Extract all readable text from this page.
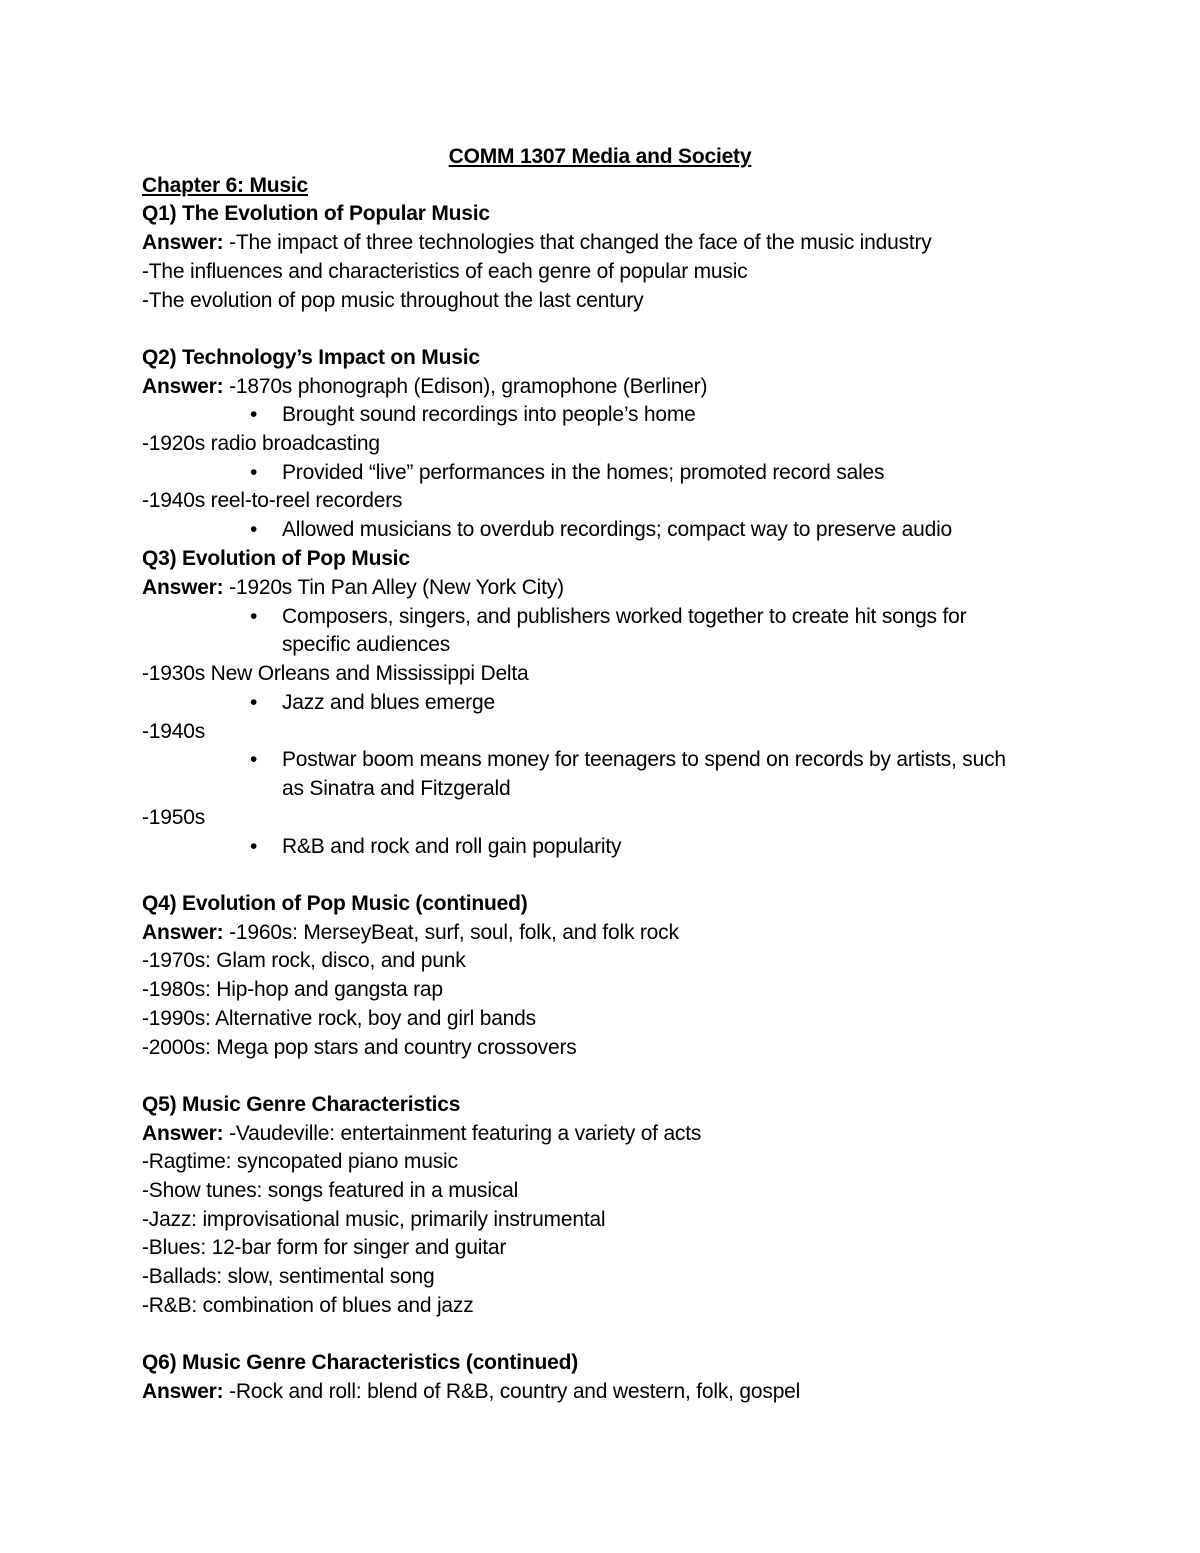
COMM 1307 Media and Society
Chapter 6: Music
Q1) The Evolution of Popular Music
Answer: -The impact of three technologies that changed the face of the music industry
-The influences and characteristics of each genre of popular music
-The evolution of pop music throughout the last century
Q2) Technology’s Impact on Music
Answer: -1870s phonograph (Edison), gramophone (Berliner)
• Brought sound recordings into people’s home
-1920s radio broadcasting
• Provided “live” performances in the homes; promoted record sales
-1940s reel-to-reel recorders
• Allowed musicians to overdub recordings; compact way to preserve audio
Q3) Evolution of Pop Music
Answer: -1920s Tin Pan Alley (New York City)
• Composers, singers, and publishers worked together to create hit songs for
specific audiences
-1930s New Orleans and Mississippi Delta
• Jazz and blues emerge
-1940s
• Postwar boom means money for teenagers to spend on records by artists, such
as Sinatra and Fitzgerald
-1950s
• R&B and rock and roll gain popularity
Q4) Evolution of Pop Music (continued)
Answer: -1960s: MerseyBeat, surf, soul, folk, and folk rock
-1970s: Glam rock, disco, and punk
-1980s: Hip-hop and gangsta rap
-1990s: Alternative rock, boy and girl bands
-2000s: Mega pop stars and country crossovers
Q5) Music Genre Characteristics
Answer: -Vaudeville: entertainment featuring a variety of acts
-Ragtime: syncopated piano music
-Show tunes: songs featured in a musical
-Jazz: improvisational music, primarily instrumental
-Blues: 12-bar form for singer and guitar
-Ballads: slow, sentimental song
-R&B: combination of blues and jazz
Q6) Music Genre Characteristics (continued)
Answer: -Rock and roll: blend of R&B, country and western, folk, gospel
